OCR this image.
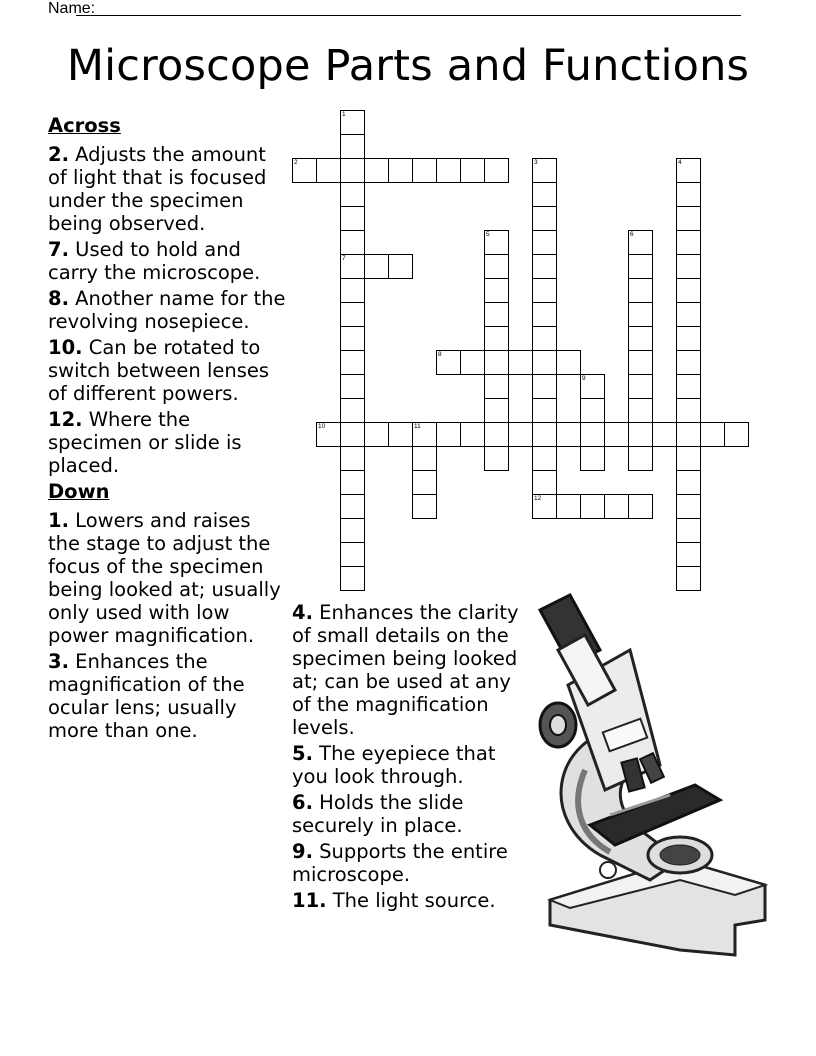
Name:
Microscope Parts and Functions
Across
2. Adjusts the amount of light that is focused under the specimen being observed.
7. Used to hold and carry the microscope.
8. Another name for the revolving nosepiece.
10. Can be rotated to switch between lenses of different powers.
12. Where the specimen or slide is placed.
Down
1. Lowers and raises the stage to adjust the focus of the specimen being looked at; usually only used with low power magnification.
3. Enhances the magnification of the ocular lens; usually more than one.
4. Enhances the clarity of small details on the specimen being looked at; can be used at any of the magnification levels.
5. The eyepiece that you look through.
6. Holds the slide securely in place.
9. Supports the entire microscope.
11. The light source.
1
7
2	3	4
5	6
8
9
10	11
12
